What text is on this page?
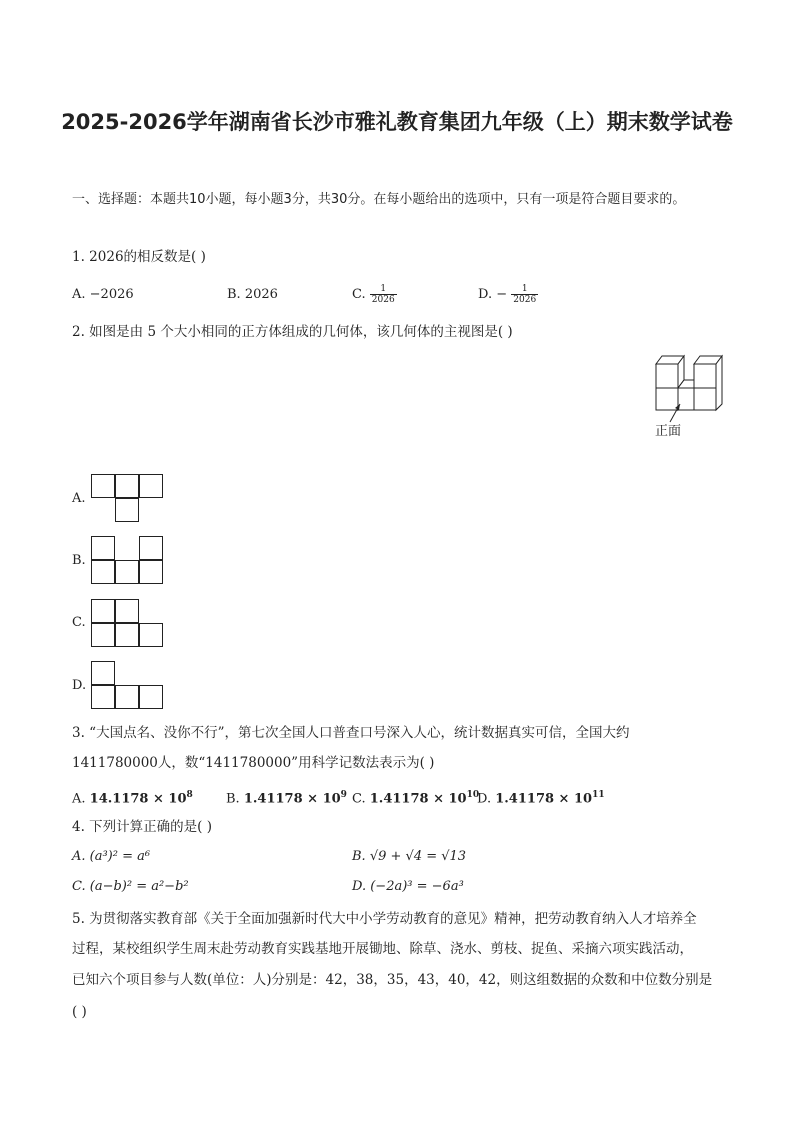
2025-2026学年湖南省长沙市雅礼教育集团九年级（上）期末数学试卷
一、选择题：本题共10小题，每小题3分，共30分。在每小题给出的选项中，只有一项是符合题目要求的。
1. 2026的相反数是( )
A. −2026	B. 2026	C. $\frac{1}{2026}$	D. − $\frac{1}{2026}$
2. 如图是由 5 个大小相同的正方体组成的几何体，该几何体的主视图是( )
正面
A.
B.
C.
D.
3. “大国点名、没你不行”，第七次全国人口普查口号深入人心，统计数据真实可信，全国大约
1411780000人，数“1411780000”用科学记数法表示为( )
A. $14.1178 \times 10^8$	B. $1.41178 \times 10^9$ C. $1.41178 \times 10^{10}$
D. $1.41178 \times 10^{11}$
4. 下列计算正确的是( )
A. (a³)² = a⁶	B. √9 + √4 = √13
C. (a−b)² = a²−b²	D. (−2a)³ = −6a³
5. 为贯彻落实教育部《关于全面加强新时代大中小学劳动教育的意见》精神，把劳动教育纳入人才培养全
过程，某校组织学生周末赴劳动教育实践基地开展锄地、除草、浇水、剪枝、捉鱼、采摘六项实践活动，
已知六个项目参与人数(单位：人)分别是：42，38，35，43，40，42，则这组数据的众数和中位数分别是
( )
